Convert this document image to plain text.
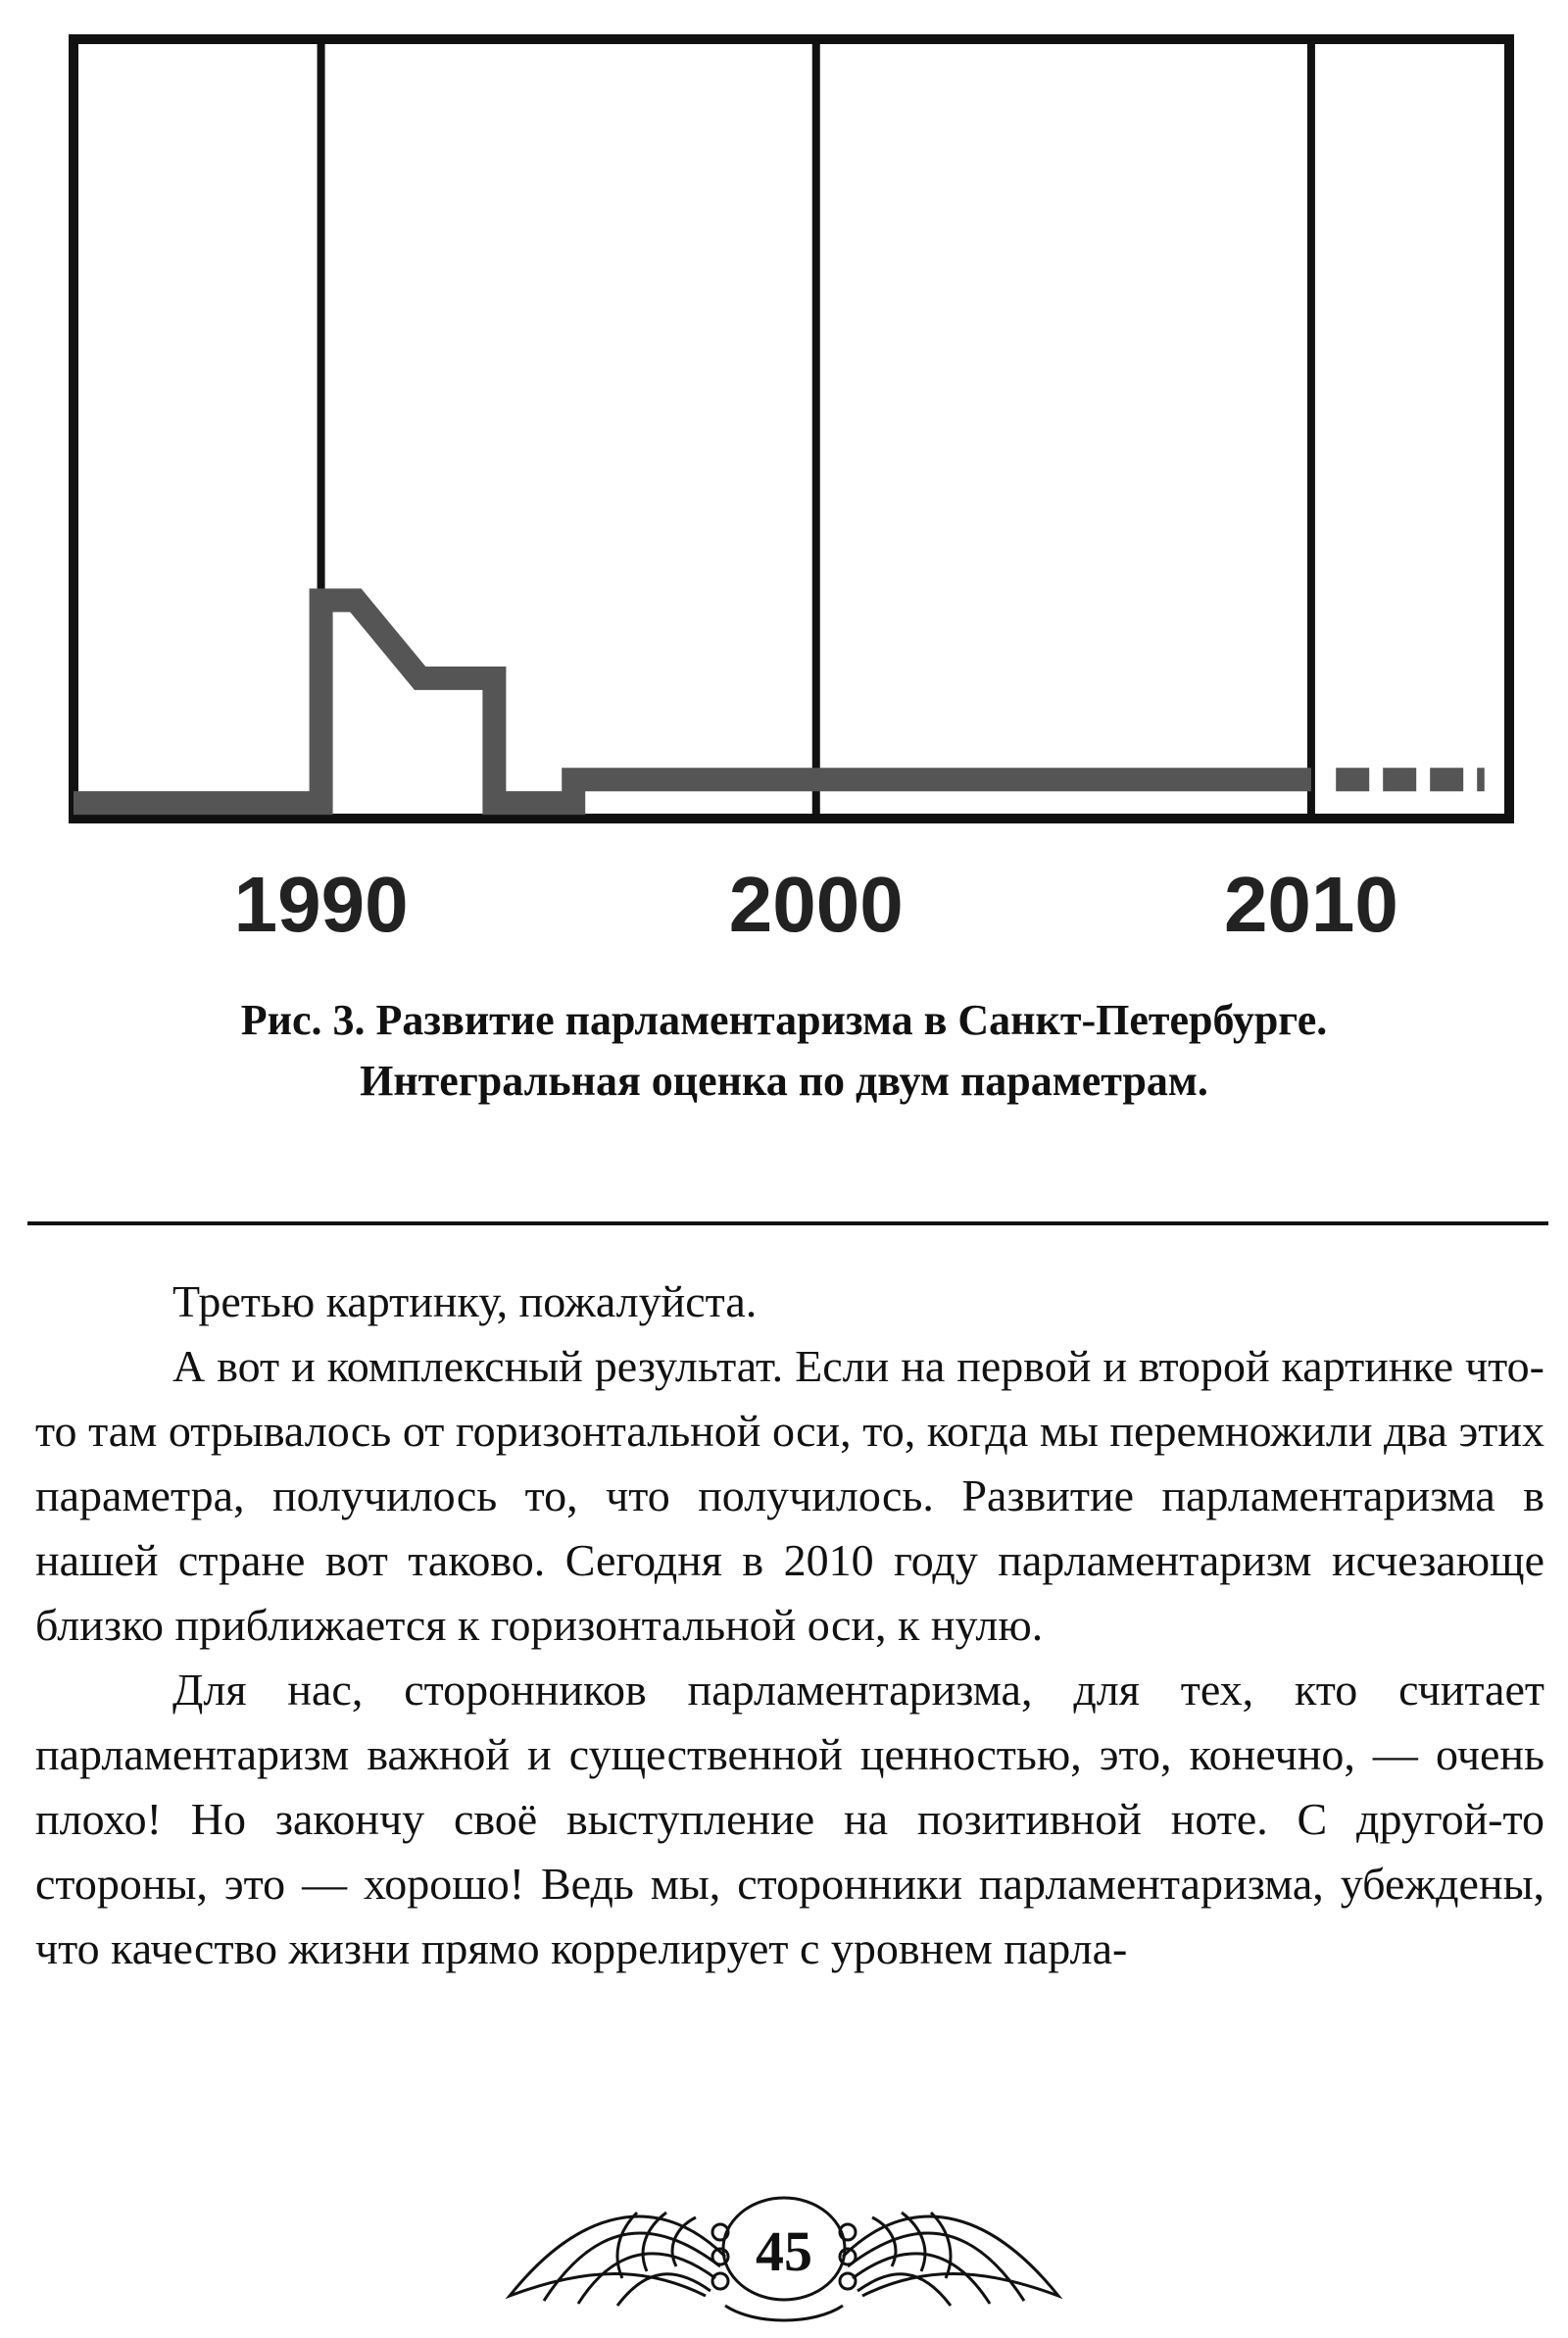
1990	2000	2010
Рис. 3. Развитие парламентаризма в Санкт-Петербурге.
Интегральная оценка по двум параметрам.

Третью картинку, пожалуйста.

А вот и комплексный результат. Если на первой и второй картинке что-то там отрывалось от горизонтальной оси, то, когда мы перемножили два этих параметра, получилось то, что получилось. Развитие парламентаризма в нашей стране вот таково. Сегодня в 2010 году парламентаризм исчезающе близко приближается к горизонтальной оси, к нулю.

Для нас, сторонников парламентаризма, для тех, кто считает парламентаризм важной и существенной ценностью, это, конечно, — очень плохо! Но закончу своё выступление на позитивной ноте. С другой-то стороны, это — хорошо! Ведь мы, сторонники парламентаризма, убеждены, что качество жизни прямо коррелирует с уровнем парла-

45
